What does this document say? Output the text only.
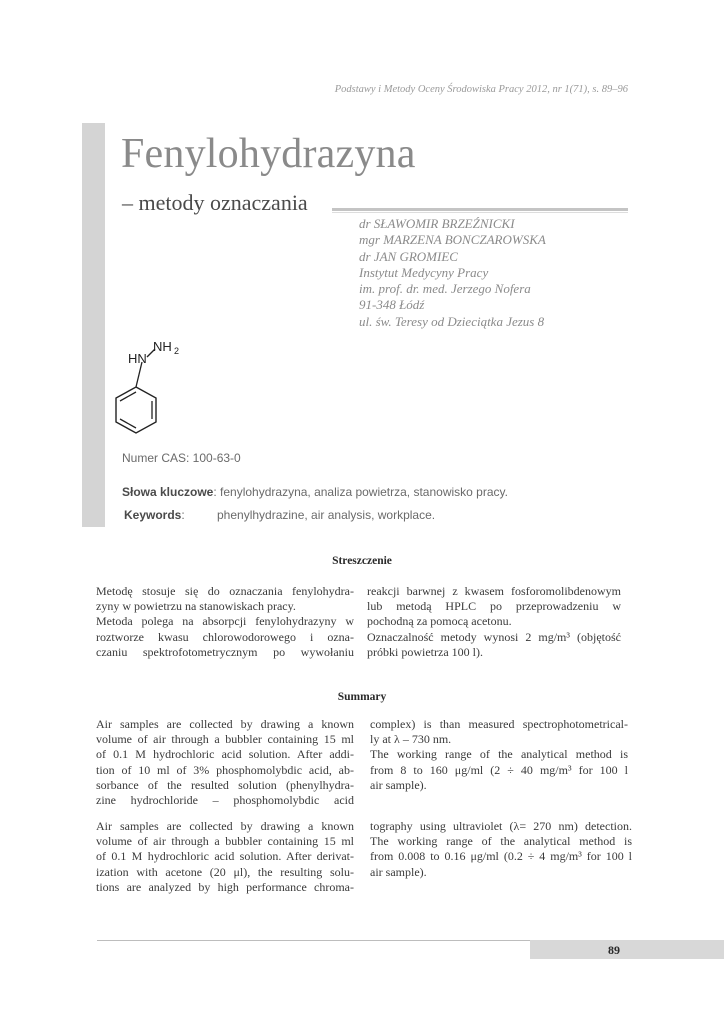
Podstawy i Metody Oceny Środowiska Pracy 2012, nr 1(71), s. 89–96
Fenylohydrazyna
– metody oznaczania
dr SŁAWOMIR BRZEŹNICKI
mgr MARZENA BONCZAROWSKA
dr JAN GROMIEC
Instytut Medycyny Pracy
im. prof. dr. med. Jerzego Nofera
91-348 Łódź
ul. św. Teresy od Dzieciątka Jezus 8
NH 2
HN
Numer CAS: 100-63-0
Słowa kluczowe: fenylohydrazyna, analiza powietrza, stanowisko pracy.
Keywords:	phenylhydrazine, air analysis, workplace.
Streszczenie
Metodę stosuje się do oznaczania fenylohydra-
zyny w powietrzu na stanowiskach pracy.
Metoda polega na absorpcji fenylohydrazyny w
roztworze kwasu chlorowodorowego i ozna-
czaniu spektrofotometrycznym po wywołaniu
reakcji barwnej z kwasem fosforomolibdenowym
lub metodą HPLC po przeprowadzeniu w
pochodną za pomocą acetonu.
Oznaczalność metody wynosi 2 mg/m³ (objętość
próbki powietrza 100 l).
Summary
Air samples are collected by drawing a known
volume of air through a bubbler containing 15 ml
of 0.1 M hydrochloric acid solution. After addi-
tion of 10 ml of 3% phosphomolybdic acid, ab-
sorbance of the resulted solution (phenylhydra-
zine hydrochloride – phosphomolybdic acid
complex) is than measured spectrophotometrical-
ly at λ – 730 nm.
The working range of the analytical method is
from 8 to 160 μg/ml (2 ÷ 40 mg/m³ for 100 l
air sample).
Air samples are collected by drawing a known
volume of air through a bubbler containing 15 ml
of 0.1 M hydrochloric acid solution. After derivat-
ization with acetone (20 μl), the resulting solu-
tions are analyzed by high performance chroma-
tography using ultraviolet (λ= 270 nm) detection.
The working range of the analytical method is
from 0.008 to 0.16 μg/ml (0.2 ÷ 4 mg/m³ for 100 l
air sample).
89
